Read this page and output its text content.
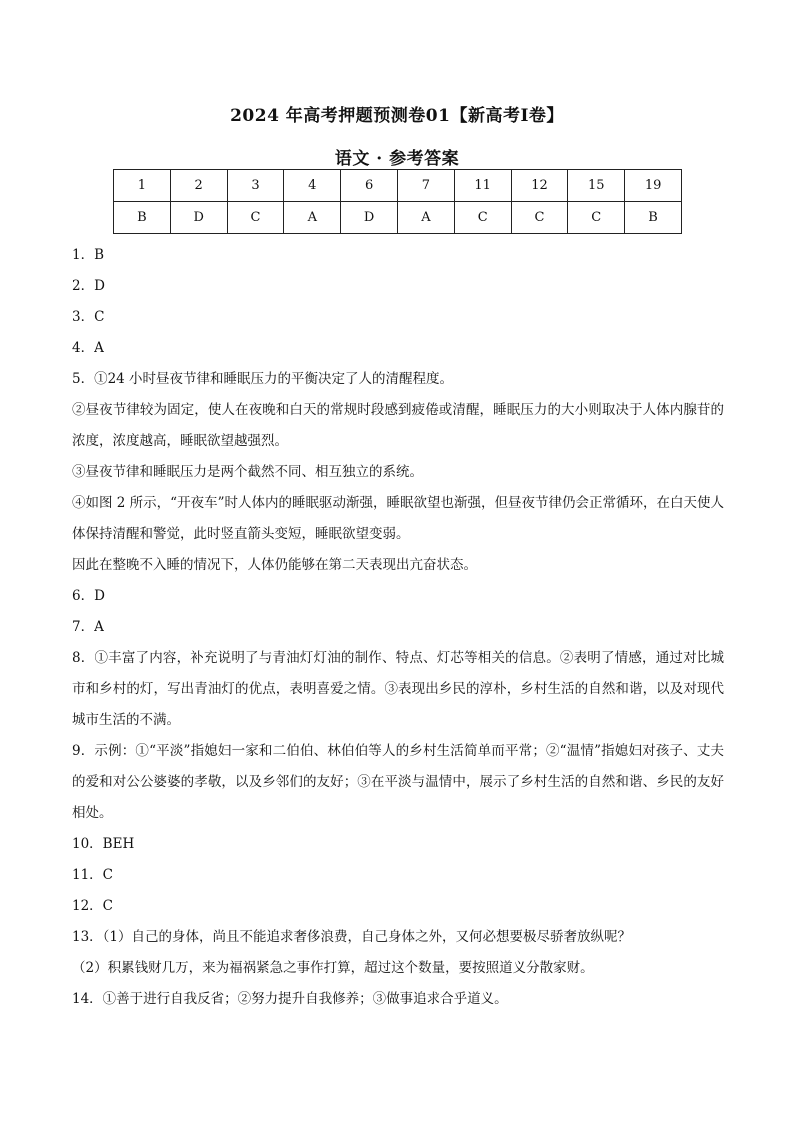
2024 年高考押题预测卷01【新高考Ⅰ卷】
语文 · 参考答案
1	2	3	4	6	7	11	12	15	19
B	D	C	A	D	A	C	C	C	B

1．B

2．D

3．C

4．A

5．①24 小时昼夜节律和睡眠压力的平衡决定了人的清醒程度。

②昼夜节律较为固定，使人在夜晚和白天的常规时段感到疲倦或清醒，睡眠压力的大小则取决于人体内腺苷的浓度，浓度越高，睡眠欲望越强烈。

③昼夜节律和睡眠压力是两个截然不同、相互独立的系统。

④如图 2 所示，“开夜车”时人体内的睡眠驱动渐强，睡眠欲望也渐强，但昼夜节律仍会正常循环，在白天使人体保持清醒和警觉，此时竖直箭头变短，睡眠欲望变弱。

因此在整晚不入睡的情况下，人体仍能够在第二天表现出亢奋状态。

6．D

7．A

8．①丰富了内容，补充说明了与青油灯灯油的制作、特点、灯芯等相关的信息。②表明了情感，通过对比城市和乡村的灯，写出青油灯的优点，表明喜爱之情。③表现出乡民的淳朴，乡村生活的自然和谐，以及对现代城市生活的不满。

9．示例：①“平淡”指媳妇一家和二伯伯、林伯伯等人的乡村生活简单而平常；②“温情”指媳妇对孩子、丈夫的爱和对公公婆婆的孝敬，以及乡邻们的友好；③在平淡与温情中，展示了乡村生活的自然和谐、乡民的友好相处。

10．BEH

11．C

12．C

13．（1）自己的身体，尚且不能追求奢侈浪费，自己身体之外，又何必想要极尽骄奢放纵呢？

（2）积累钱财几万，来为福祸紧急之事作打算，超过这个数量，要按照道义分散家财。

14．①善于进行自我反省；②努力提升自我修养；③做事追求合乎道义。
